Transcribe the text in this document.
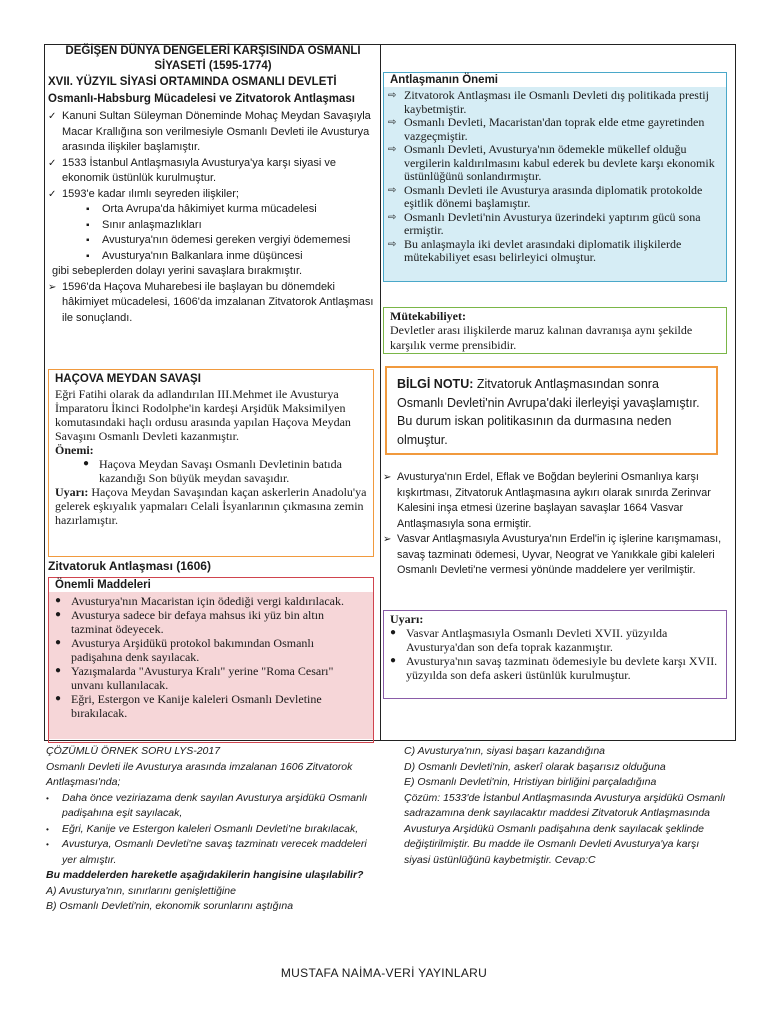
DEĞİŞEN DÜNYA DENGELERİ KARŞISINDA OSMANLI
SİYASETİ (1595-1774)
XVII. YÜZYIL SİYASİ ORTAMINDA OSMANLI DEVLETİ
Osmanlı-Habsburg Mücadelesi ve Zitvatorok Antlaşması
✓ Kanuni Sultan Süleyman Döneminde Mohaç Meydan Savaşıyla Macar Krallığına son verilmesiyle Osmanlı Devleti ile Avusturya arasında ilişkiler başlamıştır.
✓ 1533 İstanbul Antlaşmasıyla Avusturya'ya karşı siyasi ve ekonomik üstünlük kurulmuştur.
✓ 1593'e kadar ılımlı seyreden ilişkiler;
▪	Orta Avrupa'da hâkimiyet kurma mücadelesi
▪	Sınır anlaşmazlıkları
▪	Avusturya'nın ödemesi gereken vergiyi ödememesi
▪	Avusturya'nın Balkanlara inme düşüncesi
gibi sebeplerden dolayı yerini savaşlara bırakmıştır.
➢ 1596'da Haçova Muharebesi ile başlayan bu dönemdeki hâkimiyet mücadelesi, 1606'da imzalanan Zitvatorok Antlaşması ile sonuçlandı.
HAÇOVA MEYDAN SAVAŞI
Eğri Fatihi olarak da adlandırılan III.Mehmet ile Avusturya İmparatoru İkinci Rodolphe'in kardeşi Arşidük Maksimilyen komutasındaki haçlı ordusu arasında yapılan Haçova Meydan Savaşını Osmanlı Devleti kazanmıştır.
Önemi:
● Haçova Meydan Savaşı Osmanlı Devletinin batıda kazandığı Son büyük meydan savaşıdır.
Uyarı: Haçova Meydan Savaşından kaçan askerlerin Anadolu'ya gelerek eşkıyalık yapmaları Celali İsyanlarının çıkmasına zemin hazırlamıştır.
Zitvatoruk Antlaşması (1606)
Önemli Maddeleri
● Avusturya'nın Macaristan için ödediği vergi kaldırılacak.
● Avusturya sadece bir defaya mahsus iki yüz bin altın tazminat ödeyecek.
● Avusturya Arşidükü protokol bakımından Osmanlı padişahına denk sayılacak.
● Yazışmalarda "Avusturya Kralı" yerine "Roma Cesarı" unvanı kullanılacak.
● Eğri, Estergon ve Kanije kaleleri Osmanlı Devletine bırakılacak.
Antlaşmanın Önemi
⇨ Zitvatorok Antlaşması ile Osmanlı Devleti dış politikada prestij kaybetmiştir.
⇨ Osmanlı Devleti, Macaristan'dan toprak elde etme gayretinden vazgeçmiştir.
⇨ Osmanlı Devleti, Avusturya'nın ödemekle mükellef olduğu vergilerin kaldırılmasını kabul ederek bu devlete karşı ekonomik üstünlüğünü sonlandırmıştır.
⇨ Osmanlı Devleti ile Avusturya arasında diplomatik protokolde eşitlik dönemi başlamıştır.
⇨ Osmanlı Devleti'nin Avusturya üzerindeki yaptırım gücü sona ermiştir.
⇨ Bu anlaşmayla iki devlet arasındaki diplomatik ilişkilerde mütekabiliyet esası belirleyici olmuştur.
Mütekabiliyet:
Devletler arası ilişkilerde maruz kalınan davranışa aynı şekilde karşılık verme prensibidir.
BİLGİ NOTU: Zitvatoruk Antlaşmasından sonra Osmanlı Devleti'nin Avrupa'daki ilerleyişi yavaşlamıştır. Bu durum iskan politikasının da durmasına neden olmuştur.
➢ Avusturya'nın Erdel, Eflak ve Boğdan beylerini Osmanlıya karşı kışkırtması, Zitvatoruk Antlaşmasına aykırı olarak sınırda Zerinvar Kalesini inşa etmesi üzerine başlayan savaşlar 1664 Vasvar Antlaşmasıyla sona ermiştir.
➢ Vasvar Antlaşmasıyla Avusturya'nın Erdel'in iç işlerine karışmaması, savaş tazminatı ödemesi, Uyvar, Neograt ve Yanıkkale gibi kaleleri Osmanlı Devleti'ne vermesi yönünde maddelere yer verilmiştir.
Uyarı:
● Vasvar Antlaşmasıyla Osmanlı Devleti XVII. yüzyılda Avusturya'dan son defa toprak kazanmıştır.
● Avusturya'nın savaş tazminatı ödemesiyle bu devlete karşı XVII. yüzyılda son defa askeri üstünlük kurulmuştur.
ÇÖZÜMLÜ ÖRNEK SORU LYS-2017
Osmanlı Devleti ile Avusturya arasında imzalanan 1606 Zitvatorok Antlaşması'nda;
•	Daha önce veziriazama denk sayılan Avusturya arşidükü Osmanlı padişahına eşit sayılacak,
•	Eğri, Kanije ve Estergon kaleleri Osmanlı Devleti'ne bırakılacak,
•	Avusturya, Osmanlı Devleti'ne savaş tazminatı verecek maddeleri yer almıştır.
Bu maddelerden hareketle aşağıdakilerin hangisine ulaşılabilir?
A) Avusturya'nın, sınırlarını genişlettiğine
B) Osmanlı Devleti'nin, ekonomik sorunlarını aştığına
C) Avusturya'nın, siyasi başarı kazandığına
D) Osmanlı Devleti'nin, askerî olarak başarısız olduğuna
E) Osmanlı Devleti'nin, Hristiyan birliğini parçaladığına
Çözüm: 1533'de İstanbul Antlaşmasında Avusturya arşidükü Osmanlı sadrazamına denk sayılacaktır maddesi Zitvatoruk Antlaşmasında Avusturya Arşidükü Osmanlı padişahına denk sayılacak şeklinde değiştirilmiştir. Bu madde ile Osmanlı Devleti Avusturya'ya karşı siyasi üstünlüğünü kaybetmiştir. Cevap:C
MUSTAFA NAİMA-VERİ YAYINLARU
